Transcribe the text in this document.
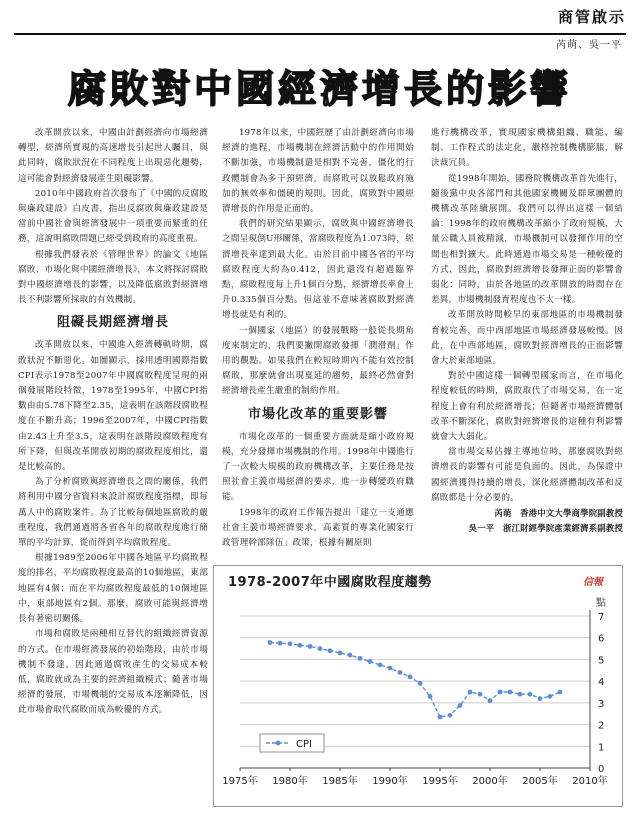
商管啟示
芮萌、吳一平
腐敗對中國經濟增長的影響

改革開放以來，中國由計劃經濟向市場經濟轉型，經濟所實現的高速增長引起世人矚目，與此同時，腐敗狀況在不同程度上出現惡化趨勢，這可能會對經濟發展產生阻礙影響。

2010年中國政府首次發布了《中國的反腐敗與廉政建設》白皮書，指出反腐敗與廉政建設是當前中國社會與經濟發展中一項重要而緊重的任務，這說明腐敗問題已經受到政府的高度重視。

根據我們發表於《管理世界》的論文《地區腐敗、市場化與中國經濟增長》，本文將探討腐敗對中國經濟增長的影響，以及降低腐敗對經濟增長不利影響所採取的有效機制。

阻礙長期經濟增長

改革開放以來，中國進入經濟轉軌時期，腐敗狀況不斷惡化。如圖顯示，採用透明國際指數CPI表示1978至2007年中國腐敗程度呈現的兩個發展階段特徵，1978至1995年，中國CPI指數由由5.78下降至2.35，這表明在該階段腐敗程度在不斷升高；1996至2007年，中國CPI指數由2.43上升至3.5，這表明在該階段腐敗程度有所下降，但與改革開放初期的腐敗程度相比，還是比較高的。

為了分析腐敗與經濟增長之間的關係，我們將利用中國分省資料來設計腐敗程度指標，即每萬人中的腐敗案件。為了比較每個地區腐敗的嚴重程度，我們通過將各省各年的腐敗程度進行簡單的平均計算，從而得到平均腐敗程度。

根據1989至2006年中國各地區平均腐敗程度的排名，平均腐敗程度最高的10個地區，東部地區有4個；而在平均腐敗程度最低的10個地區中，東部地區有2個。那麼，腐敗可能與經濟增長有著密切關係。

市場和腐敗是兩種相互替代的組織經濟資源的方式。在市場經濟發展的初始階段，由於市場機制不發達，因此通過腐敗產生的交易成本較低，腐敗就成為主要的經濟組織模式；隨著市場經濟的發展，市場機制的交易成本逐漸降低，因此市場會取代腐敗而成為較優的方式。

1978年以來，中國經歷了由計劃經濟向市場經濟的進程，市場機制在經濟活動中的作用開始不斷加強，市場機制還是相對不完善，僵化的行政體制會為多干預經濟，而腐敗可以放鬆政府施加的無效率和僵硬的規則。因此，腐敗對中國經濟增長的作用是正面的。

我們的研究結果顯示，腐敗與中國經濟增長之間呈現倒U形關係，當腐敗程度為1.073時，經濟增長率達到最大化。由於目前中國各省的平均腐敗程度大約為0.412，因此還沒有超過臨界點，腐敗程度每上升1個百分點，經濟增長率會上升0.335個百分點。但這並不意味著腐敗對經濟增長就是有利的。

一個國家（地區）的發展戰略一般從長期角度來制定的，我們要撇開腐敗發揮「潤滑劑」作用的觀點。如果我們在較短時期內不能有效控制腐敗，那麼就會出現戛延的趨勢，最終必然會對經濟增長產生嚴重的制約作用。

市場化改革的重要影響

市場化改革的一個重要方面就是縮小政府規模，充分發揮市場機制的作用。1998年中國進行了一次較大規模的政府機構改革，主要任務是按照社會主義市場經濟的要求，進一步轉變政府職能。

1998年的政府工作報告提出「建立一支通應社會主義市場經濟要求，高素質的專業化國家行政管理幹部隊伍」政策，根據有關原則

進行機構改革，實現國家機構組織、職能、編制、工作程式的法定化，嚴格控制機構膨脹，解決裁冗員。

從1998年開始，國務院機構改革首先進行，隨後黨中央各部門和其他國家機關及群眾團體的機構改革陸續展開。我們可以得出這樣一個結論：1998年的政府機構改革縮小了政府規模，大量公職人員被精減，市場機制可以發揮作用的空間也相對擴大。此時通過市場交易是一種較優的方式，因此，腐敗對經濟增長發揮正面的影響會弱化；同時，由於各地區的改革開放的時間存在差異，市場機制發育程度也不太一樣。

改革開放時間較早的東部地區的市場機制發育較完善，而中西部地區市場經濟發展較慢。因此，在中西部地區，腐敗對經濟增長的正面影響會大於東部地區。

對於中國這樣一個轉型國家而言，在市場化程度較低的時期，腐敗取代了市場交易，在一定程度上會有利於經濟增長；但隨著市場經濟體制改革不斷深化，腐敗對經濟增長的這種有利影響就會大大弱化。

當市場交易佔據主導地位時，那麼腐敗對經濟增長的影響有可能是負面的。因此，為保證中國經濟獲得持續的增長，深化經濟體制改革和反腐敗都是十分必要的。

芮萌　香港中文大學商學院副教授
吳一平　浙江財經學院產業經濟系副教授
1978-2007年中國腐敗程度趨勢	信報
0
1
2
3
4
5
6
7
點
1975年 1980年 1985年 1990年 1995年 2000年 2005年 2010年
CPI
